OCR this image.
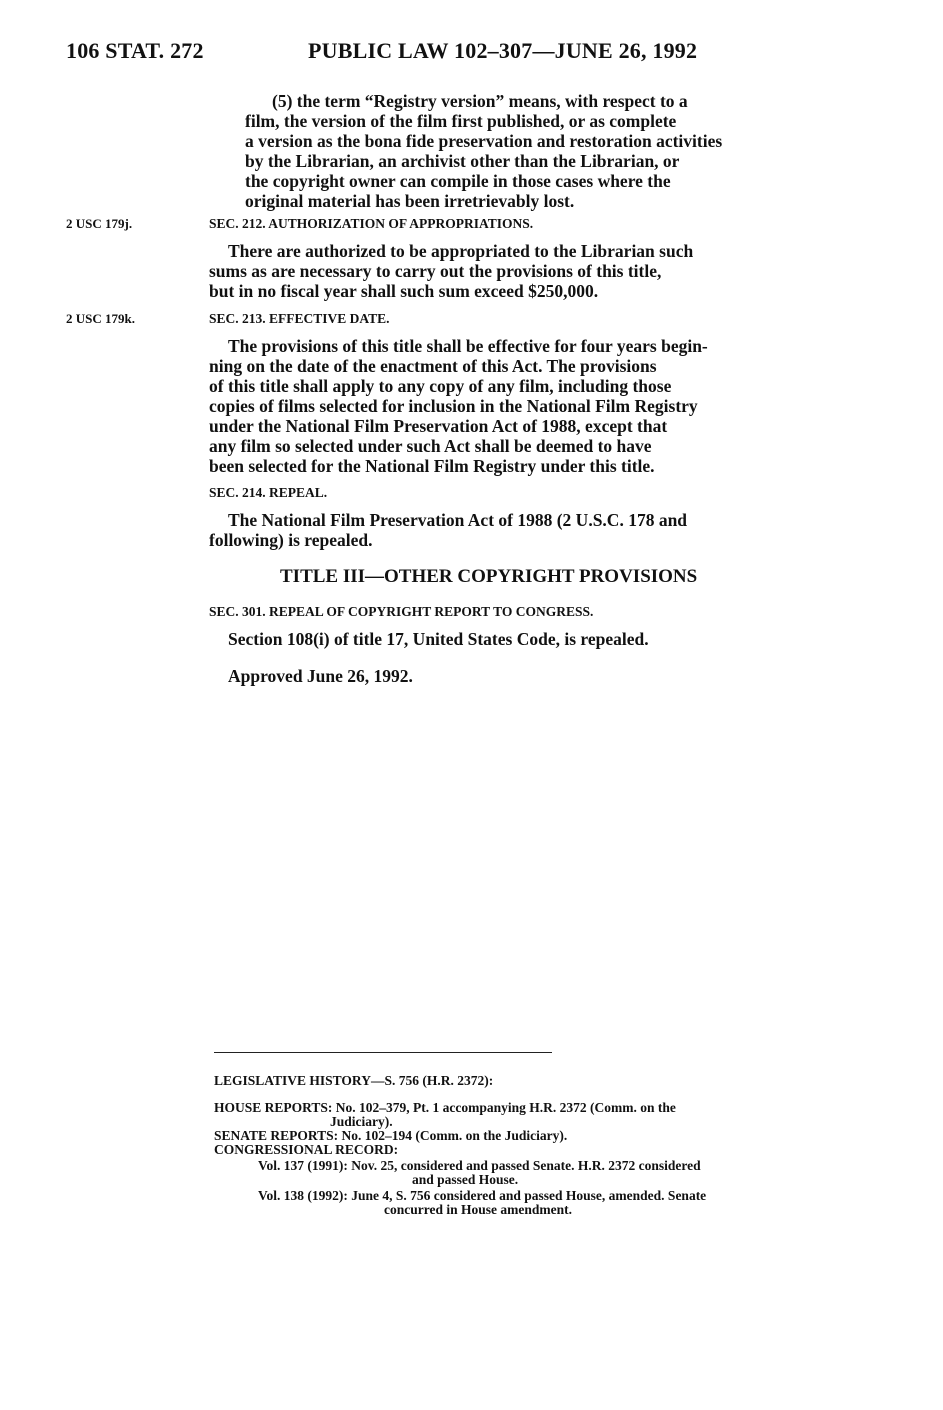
106 STAT. 272	PUBLIC LAW 102–307—JUNE 26, 1992
(5) the term “Registry version” means, with respect to a
film, the version of the film first published, or as complete
a version as the bona fide preservation and restoration activities
by the Librarian, an archivist other than the Librarian, or
the copyright owner can compile in those cases where the
original material has been irretrievably lost.
2 USC 179j.	SEC. 212. AUTHORIZATION OF APPROPRIATIONS.
There are authorized to be appropriated to the Librarian such
sums as are necessary to carry out the provisions of this title,
but in no fiscal year shall such sum exceed $250,000.
2 USC 179k.	SEC. 213. EFFECTIVE DATE.
The provisions of this title shall be effective for four years begin-
ning on the date of the enactment of this Act. The provisions
of this title shall apply to any copy of any film, including those
copies of films selected for inclusion in the National Film Registry
under the National Film Preservation Act of 1988, except that
any film so selected under such Act shall be deemed to have
been selected for the National Film Registry under this title.
SEC. 214. REPEAL.
The National Film Preservation Act of 1988 (2 U.S.C. 178 and
following) is repealed.
TITLE III—OTHER COPYRIGHT PROVISIONS
SEC. 301. REPEAL OF COPYRIGHT REPORT TO CONGRESS.
Section 108(i) of title 17, United States Code, is repealed.
Approved June 26, 1992.
LEGISLATIVE HISTORY—S. 756 (H.R. 2372):
HOUSE REPORTS: No. 102–379, Pt. 1 accompanying H.R. 2372 (Comm. on the
Judiciary).
SENATE REPORTS: No. 102–194 (Comm. on the Judiciary).
CONGRESSIONAL RECORD:
Vol. 137 (1991): Nov. 25, considered and passed Senate. H.R. 2372 considered
and passed House.
Vol. 138 (1992): June 4, S. 756 considered and passed House, amended. Senate
concurred in House amendment.
